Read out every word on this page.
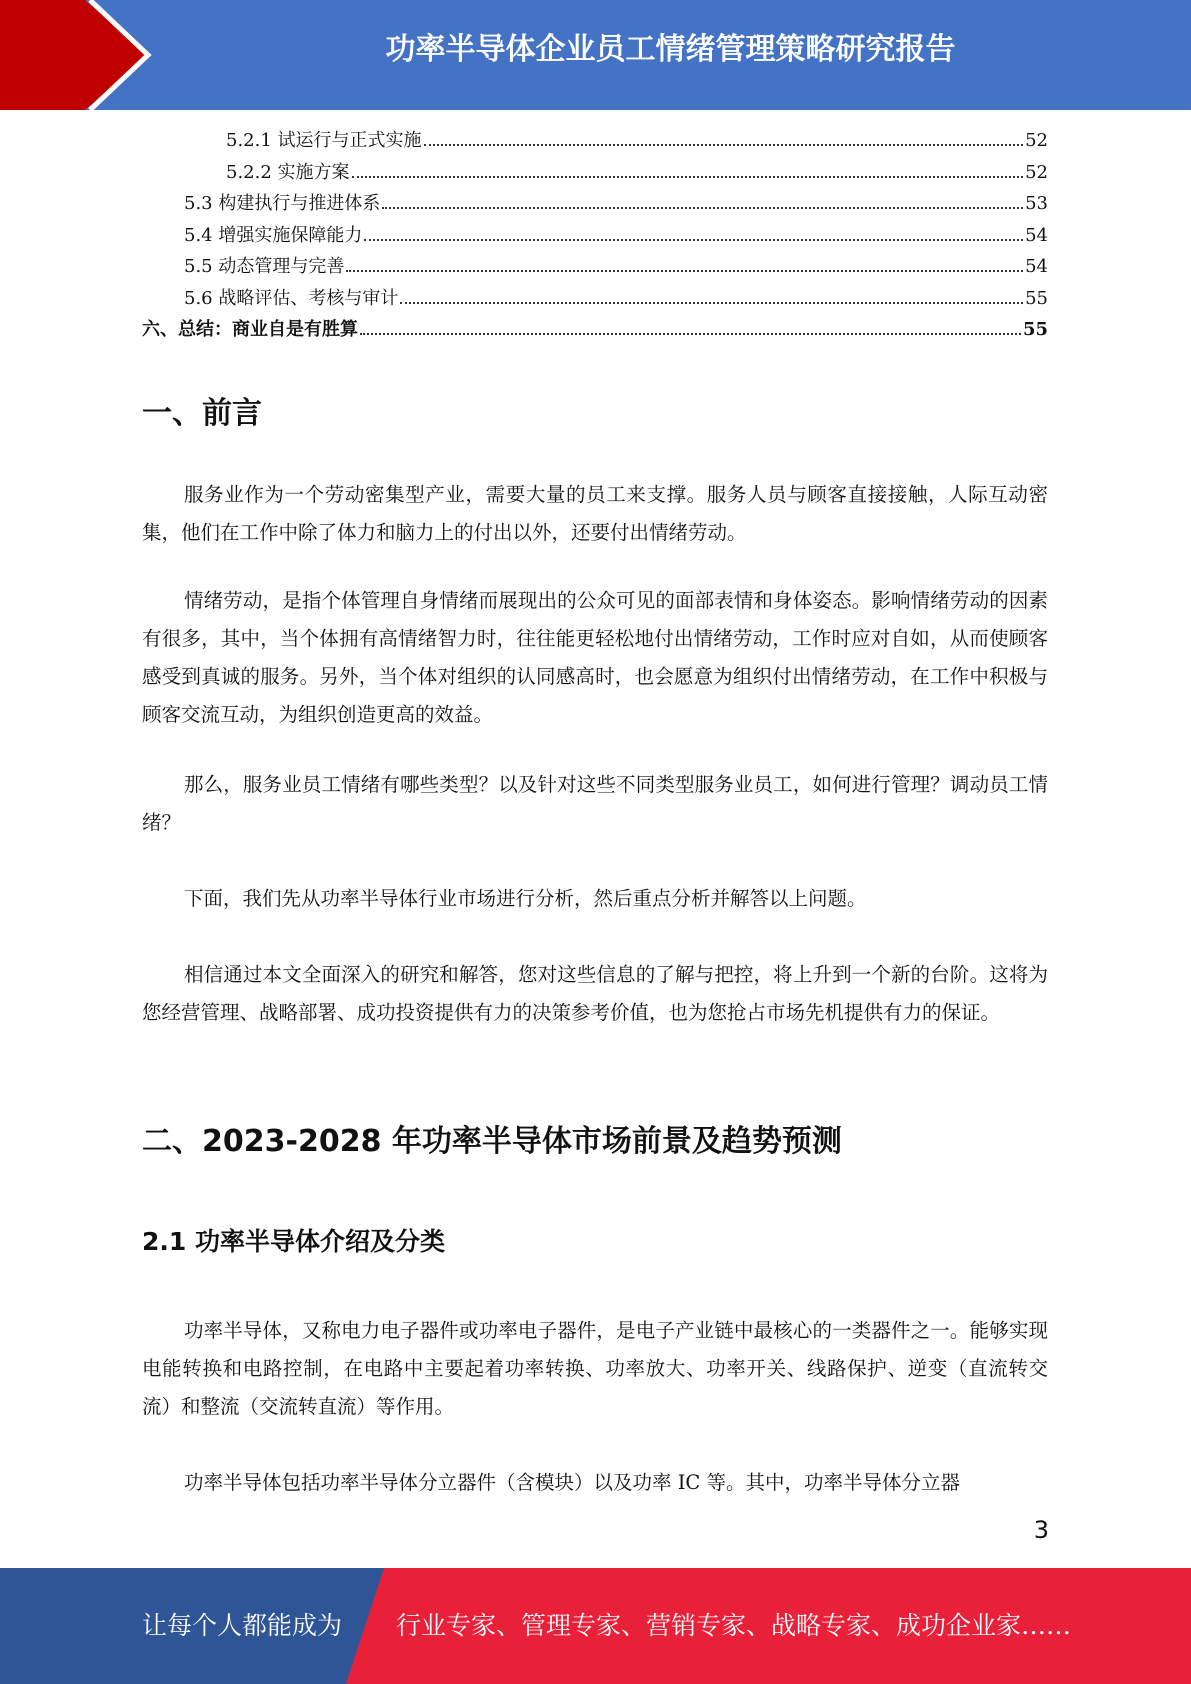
功率半导体企业员工情绪管理策略研究报告
5.2.1 试运行与正式实施	52
5.2.2 实施方案	52
5.3 构建执行与推进体系	53
5.4 增强实施保障能力	54
5.5 动态管理与完善	54
5.6 战略评估、考核与审计	55
六、总结：商业自是有胜算	55
一、前言

服务业作为一个劳动密集型产业，需要大量的员工来支撑。服务人员与顾客直接接触，人际互动密集，他们在工作中除了体力和脑力上的付出以外，还要付出情绪劳动。

情绪劳动，是指个体管理自身情绪而展现出的公众可见的面部表情和身体姿态。影响情绪劳动的因素有很多，其中，当个体拥有高情绪智力时，往往能更轻松地付出情绪劳动，工作时应对自如，从而使顾客感受到真诚的服务。另外，当个体对组织的认同感高时，也会愿意为组织付出情绪劳动，在工作中积极与顾客交流互动，为组织创造更高的效益。

那么，服务业员工情绪有哪些类型？以及针对这些不同类型服务业员工，如何进行管理？调动员工情绪？

下面，我们先从功率半导体行业市场进行分析，然后重点分析并解答以上问题。

相信通过本文全面深入的研究和解答，您对这些信息的了解与把控，将上升到一个新的台阶。这将为您经营管理、战略部署、成功投资提供有力的决策参考价值，也为您抢占市场先机提供有力的保证。

二、2023-2028 年功率半导体市场前景及趋势预测
2.1 功率半导体介绍及分类

功率半导体，又称电力电子器件或功率电子器件，是电子产业链中最核心的一类器件之一。能够实现电能转换和电路控制，在电路中主要起着功率转换、功率放大、功率开关、线路保护、逆变（直流转交流）和整流（交流转直流）等作用。

功率半导体包括功率半导体分立器件（含模块）以及功率 IC 等。其中，功率半导体分立器

3
让每个人都能成为 行业专家、管理专家、营销专家、战略专家、成功企业家……
